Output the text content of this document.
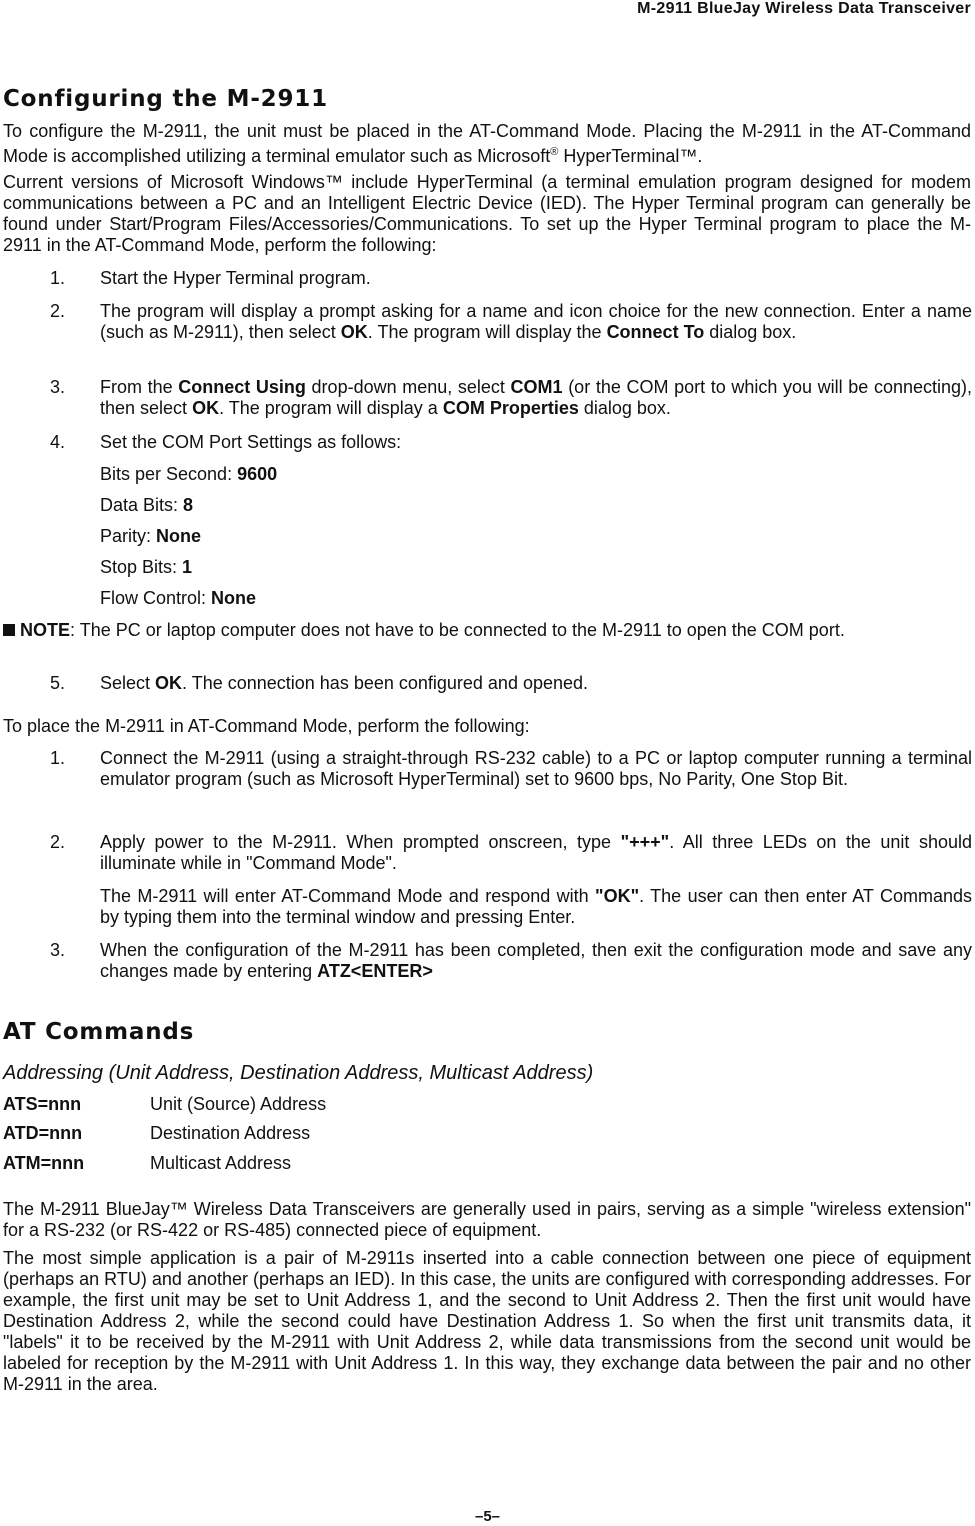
M-2911 BlueJay Wireless Data Transceiver
Configuring the M-2911
To configure the M-2911, the unit must be placed in the AT-Command Mode. Placing the M-2911 in the AT-Command Mode is accomplished utilizing a terminal emulator such as Microsoft® HyperTerminal™.
Current versions of Microsoft Windows™ include HyperTerminal (a terminal emulation program designed for modem communications between a PC and an Intelligent Electric Device (IED). The Hyper Terminal program can generally be found under Start/Program Files/Accessories/Communications. To set up the Hyper Terminal program to place the M-2911 in the AT-Command Mode, perform the following:
1. Start the Hyper Terminal program.
2. The program will display a prompt asking for a name and icon choice for the new connection. Enter a name (such as M-2911), then select OK. The program will display the Connect To dialog box.
3. From the Connect Using drop-down menu, select COM1 (or the COM port to which you will be connecting), then select OK. The program will display a COM Properties dialog box.
4. Set the COM Port Settings as follows:
Bits per Second: 9600
Data Bits: 8
Parity: None
Stop Bits: 1
Flow Control: None
NOTE: The PC or laptop computer does not have to be connected to the M-2911 to open the COM port.
5. Select OK. The connection has been configured and opened.
To place the M-2911 in AT-Command Mode, perform the following:
1. Connect the M-2911 (using a straight-through RS-232 cable) to a PC or laptop computer running a terminal emulator program (such as Microsoft HyperTerminal) set to 9600 bps, No Parity, One Stop Bit.
2. Apply power to the M-2911. When prompted onscreen, type "+++". All three LEDs on the unit should illuminate while in "Command Mode".
The M-2911 will enter AT-Command Mode and respond with "OK". The user can then enter AT Commands by typing them into the terminal window and pressing Enter.
3. When the configuration of the M-2911 has been completed, then exit the configuration mode and save any changes made by entering ATZ<ENTER>
AT Commands
Addressing (Unit Address, Destination Address, Multicast Address)
ATS=nnn	Unit (Source) Address
ATD=nnn	Destination Address
ATM=nnn	Multicast Address
The M-2911 BlueJay™ Wireless Data Transceivers are generally used in pairs, serving as a simple "wireless extension" for a RS-232 (or RS-422 or RS-485) connected piece of equipment.
The most simple application is a pair of M-2911s inserted into a cable connection between one piece of equipment (perhaps an RTU) and another (perhaps an IED). In this case, the units are configured with corresponding addresses. For example, the first unit may be set to Unit Address 1, and the second to Unit Address 2. Then the first unit would have Destination Address 2, while the second could have Destination Address 1. So when the first unit transmits data, it "labels" it to be received by the M-2911 with Unit Address 2, while data transmissions from the second unit would be labeled for reception by the M-2911 with Unit Address 1. In this way, they exchange data between the pair and no other M-2911 in the area.
–5–
